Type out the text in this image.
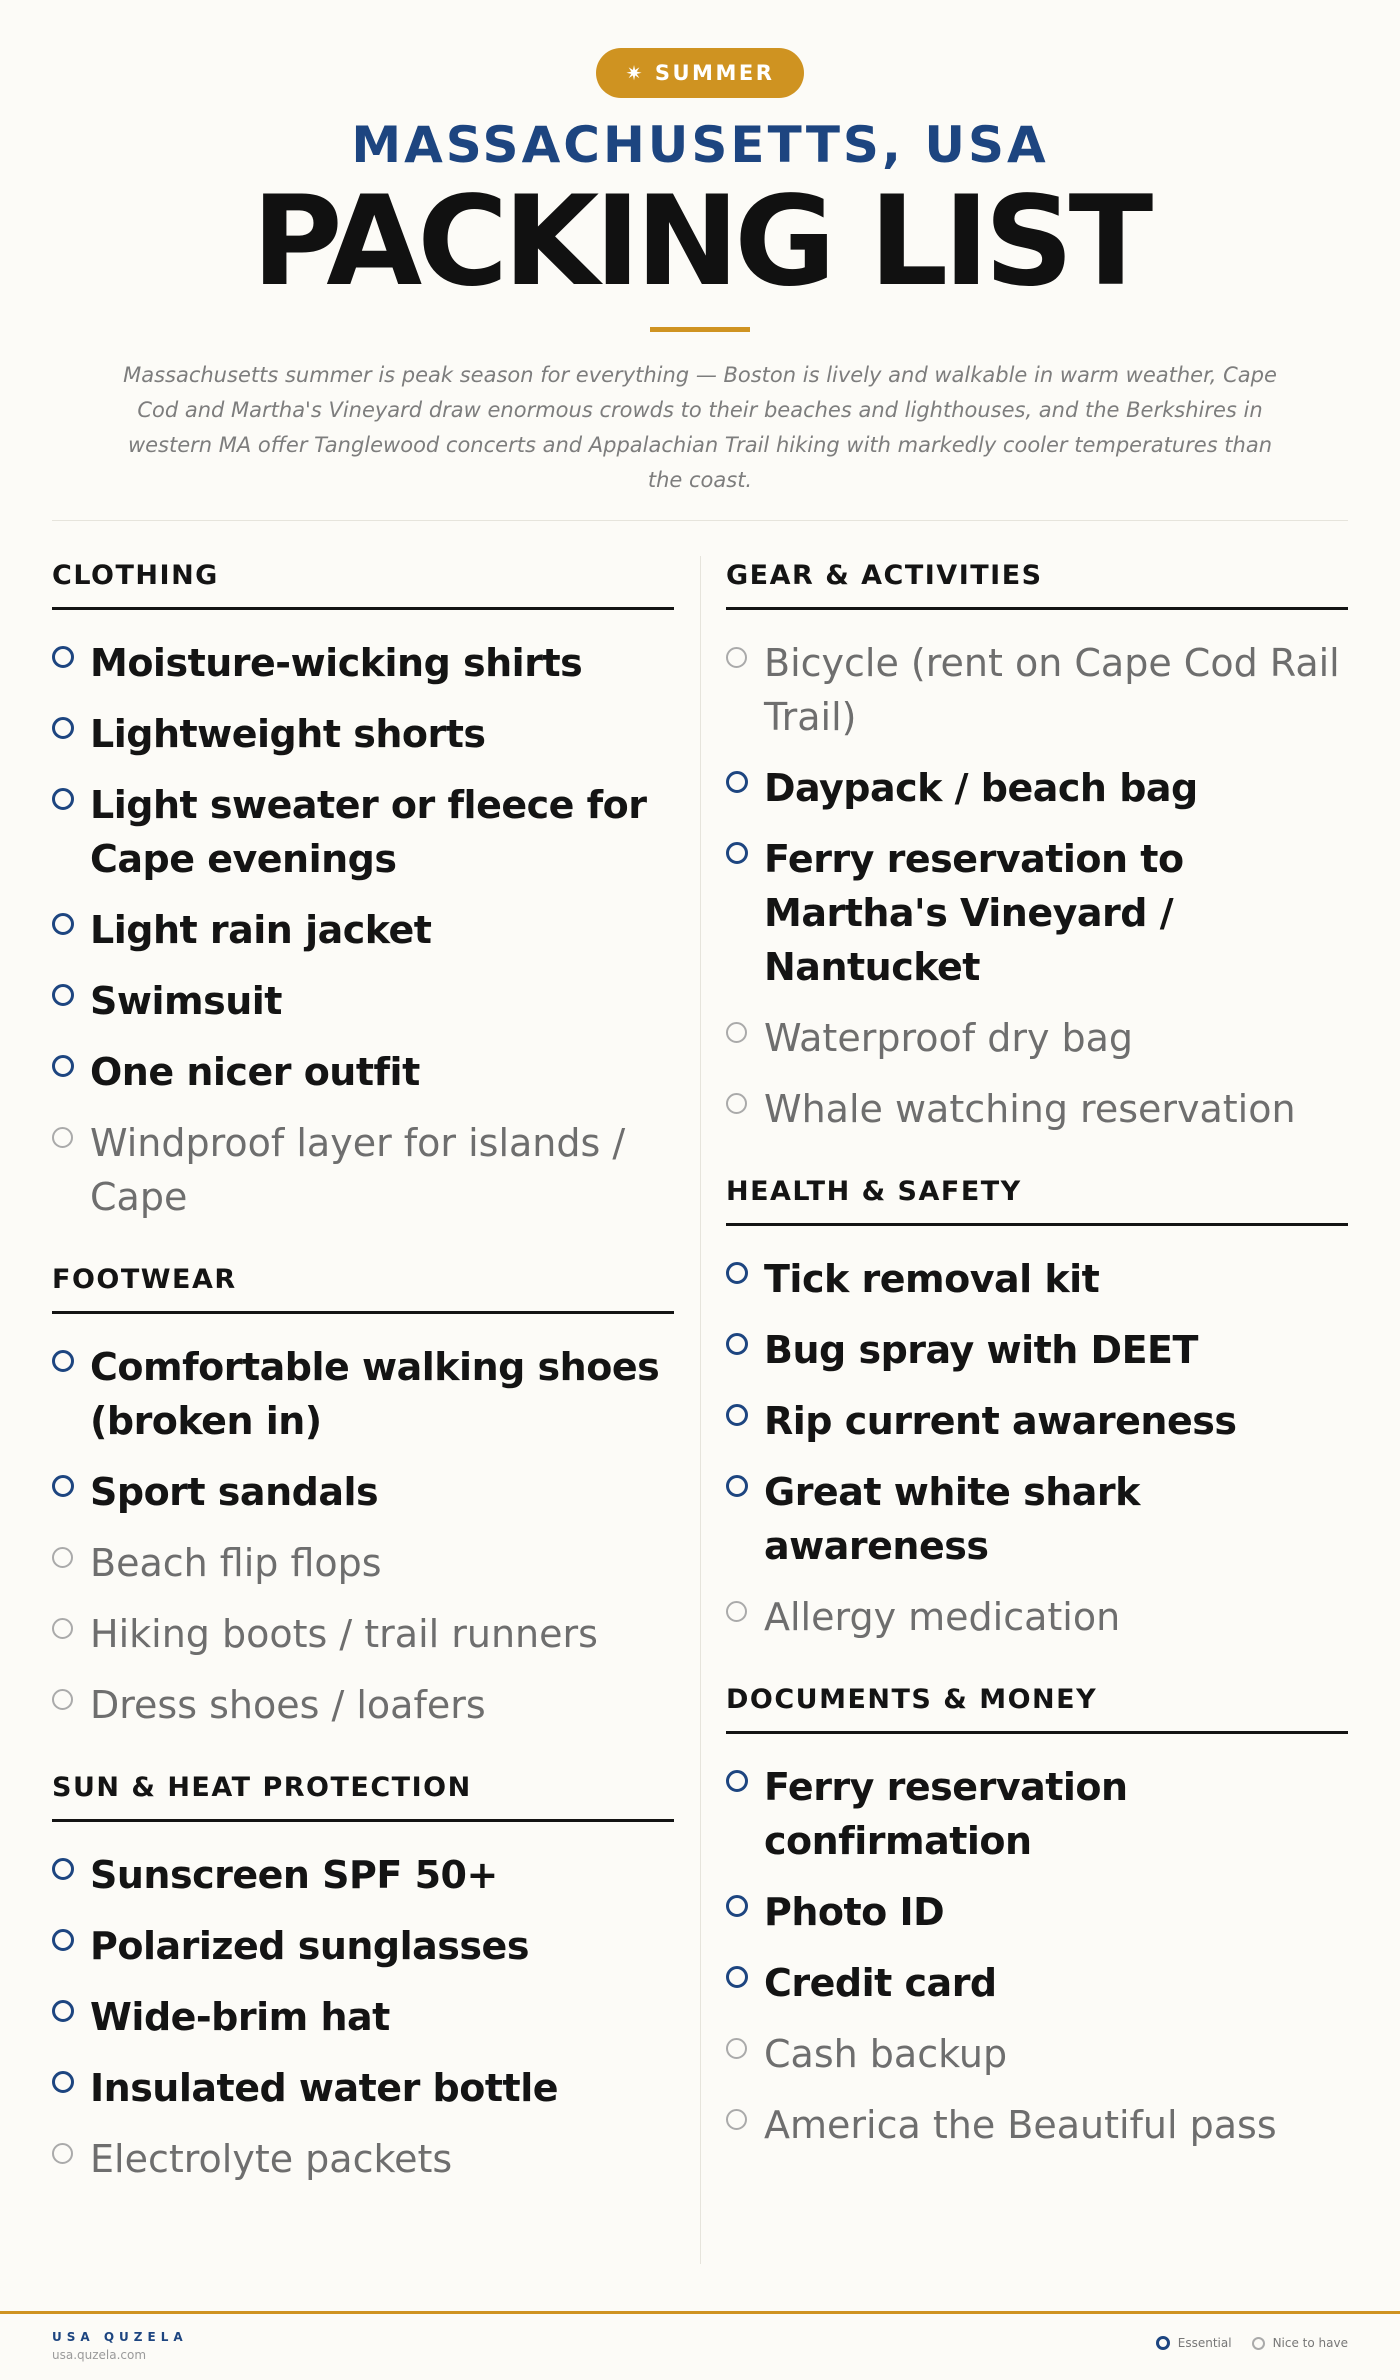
✷ SUMMER
MASSACHUSETTS, USA
PACKING LIST
Massachusetts summer is peak season for everything — Boston is lively and walkable in warm weather, Cape Cod and Martha's Vineyard draw enormous crowds to their beaches and lighthouses, and the Berkshires in western MA offer Tanglewood concerts and Appalachian Trail hiking with markedly cooler temperatures than the coast.
CLOTHING
Moisture-wicking shirts
Lightweight shorts
Light sweater or fleece for Cape evenings
Light rain jacket
Swimsuit
One nicer outfit
Windproof layer for islands / Cape
FOOTWEAR
Comfortable walking shoes (broken in)
Sport sandals
Beach flip flops
Hiking boots / trail runners
Dress shoes / loafers
SUN & HEAT PROTECTION
Sunscreen SPF 50+
Polarized sunglasses
Wide-brim hat
Insulated water bottle
Electrolyte packets
GEAR & ACTIVITIES
Bicycle (rent on Cape Cod Rail Trail)
Daypack / beach bag
Ferry reservation to Martha's Vineyard / Nantucket
Waterproof dry bag
Whale watching reservation
HEALTH & SAFETY
Tick removal kit
Bug spray with DEET
Rip current awareness
Great white shark awareness
Allergy medication
DOCUMENTS & MONEY
Ferry reservation confirmation
Photo ID
Credit card
Cash backup
America the Beautiful pass
USA QUZELA
usa.quzela.com
Essential	Nice to have
